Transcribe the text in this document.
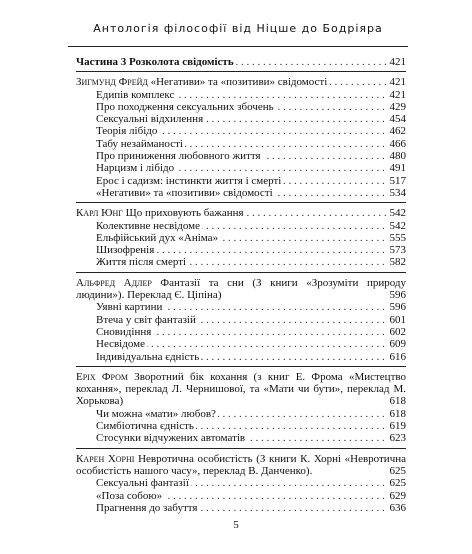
Антологія філософії від Ніцше до Бодріяра
Частина 3 Розколота свідомість	421
. . .
Зигмунд Фрейд «Негативи» та «позитиви» свідомості	421
. . .
Едипів комплекс	421
. . .
Про походження сексуальних збочень	429
. . .
Сексуальні відхилення	454
. . .
Теорія лібідо	462
. . .
Табу незайманості	466
. . .
Про приниження любовного життя	480
. . .
Нарцизм і лібідо	491
. . .
Ерос і садизм: інстинкти життя і смерті	517
. . .
«Негативи» та «позитиви» свідомості	534
. . .
Карл Юнг Що приховують бажання	542
. . .
Колективне несвідоме	542
. . .
Ельфійський дух «Аніма»	555
. . .
Шизофренія	573
. . .
Життя після смерті	582
. . .
Альфред Адлер Фантазії та сни (З книги «Зрозуміти природу людини»). Переклад Є. Ціпіна)	596
Уявні картини	596
. . .
Втеча у світ фантазій	601
. . .
Сновидіння	602
. . .
Несвідоме	609
. . .
Індивідуальна єдність	616
. . .
Еріх Фром Зворотний бік кохання (з книг Е. Фрома «Мистецтво кохання», переклад Л. Чернишової, та «Мати чи бути», переклад М. Хорькова)	618
Чи можна «мати» любов?	618
. . .
Симбіотична єдність	619
. . .
Стосунки відчужених автоматів	623
. . .
Карен Хорні Невротична особистість (З книги К. Хорні «Невротична особистість нашого часу», переклад В. Данченко).	625
Сексуальні фантазії	625
. . .
«Поза собою»	629
. . .
Прагнення до забуття	636
. . .
5
